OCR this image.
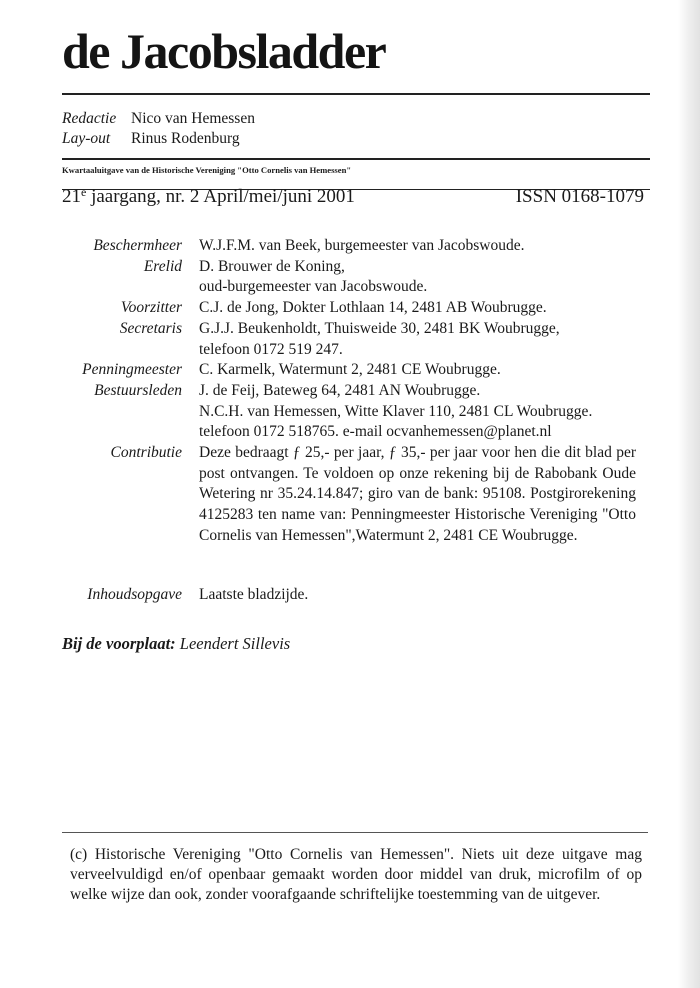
de Jacobsladder
Redactie Nico van Hemessen
Lay-out Rinus Rodenburg
Kwartaaluitgave van de Historische Vereniging "Otto Cornelis van Hemessen"
21e jaargang, nr. 2 April/mei/juni 2001	ISSN 0168-1079
Beschermheer W.J.F.M. van Beek, burgemeester van Jacobswoude.
Erelid D. Brouwer de Koning,
oud-burgemeester van Jacobswoude.
Voorzitter C.J. de Jong, Dokter Lothlaan 14, 2481 AB Woubrugge.
Secretaris G.J.J. Beukenholdt, Thuisweide 30, 2481 BK Woubrugge,
telefoon 0172 519 247.
Penningmeester C. Karmelk, Watermunt 2, 2481 CE Woubrugge.
Bestuursleden J. de Feij, Bateweg 64, 2481 AN Woubrugge.
N.C.H. van Hemessen, Witte Klaver 110, 2481 CL Woubrugge.
telefoon 0172 518765. e-mail ocvanhemessen@planet.nl
Contributie Deze bedraagt ƒ 25,- per jaar, ƒ 35,- per jaar voor hen die dit blad per post ontvangen. Te voldoen op onze rekening bij de Rabobank Oude Wetering nr 35.24.14.847; giro van de bank: 95108. Postgirorekening 4125283 ten name van: Penningmeester Historische Vereniging "Otto Cornelis van Hemessen",Watermunt 2, 2481 CE Woubrugge.
Inhoudsopgave Laatste bladzijde.
Bij de voorplaat: Leendert Sillevis
(c) Historische Vereniging "Otto Cornelis van Hemessen". Niets uit deze uitgave mag verveelvuldigd en/of openbaar gemaakt worden door middel van druk, microfilm of op welke wijze dan ook, zonder voorafgaande schriftelijke toestemming van de uitgever.
